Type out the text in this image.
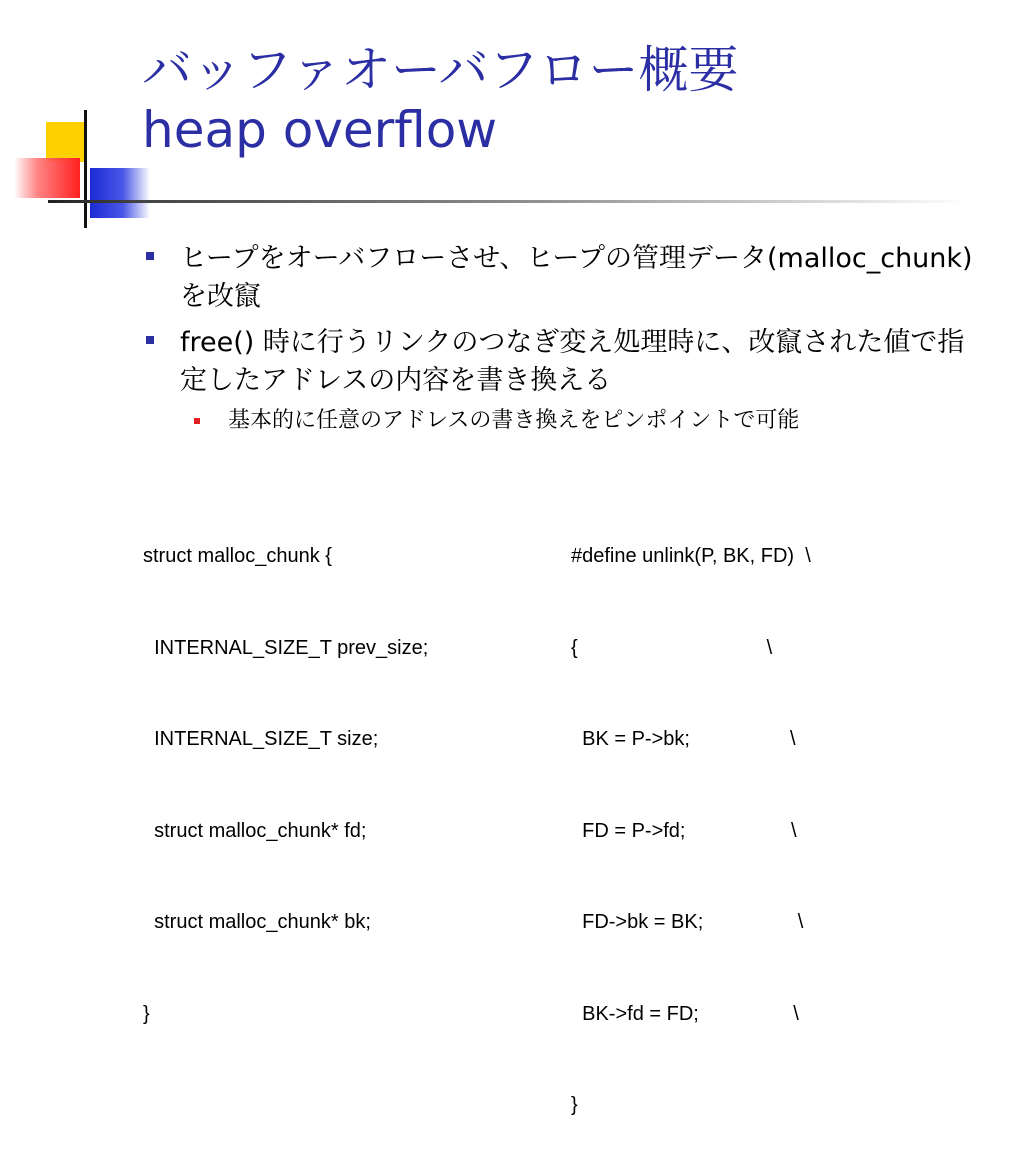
バッファオーバフロー概要
heap overflow
ヒープをオーバフローさせ、ヒープの管理データ(malloc_chunk)を改竄
free() 時に行うリンクのつなぎ変え処理時に、改竄された値で指定したアドレスの内容を書き換える
基本的に任意のアドレスの書き換えをピンポイントで可能

struct malloc_chunk {

INTERNAL_SIZE_T prev_size;

INTERNAL_SIZE_T size;

struct malloc_chunk* fd;

struct malloc_chunk* bk;

}

#define unlink(P, BK, FD)  \

{                                  \

BK = P->bk;                  \

FD = P->fd;                   \

FD->bk = BK;                 \

BK->fd = FD;                 \

}
